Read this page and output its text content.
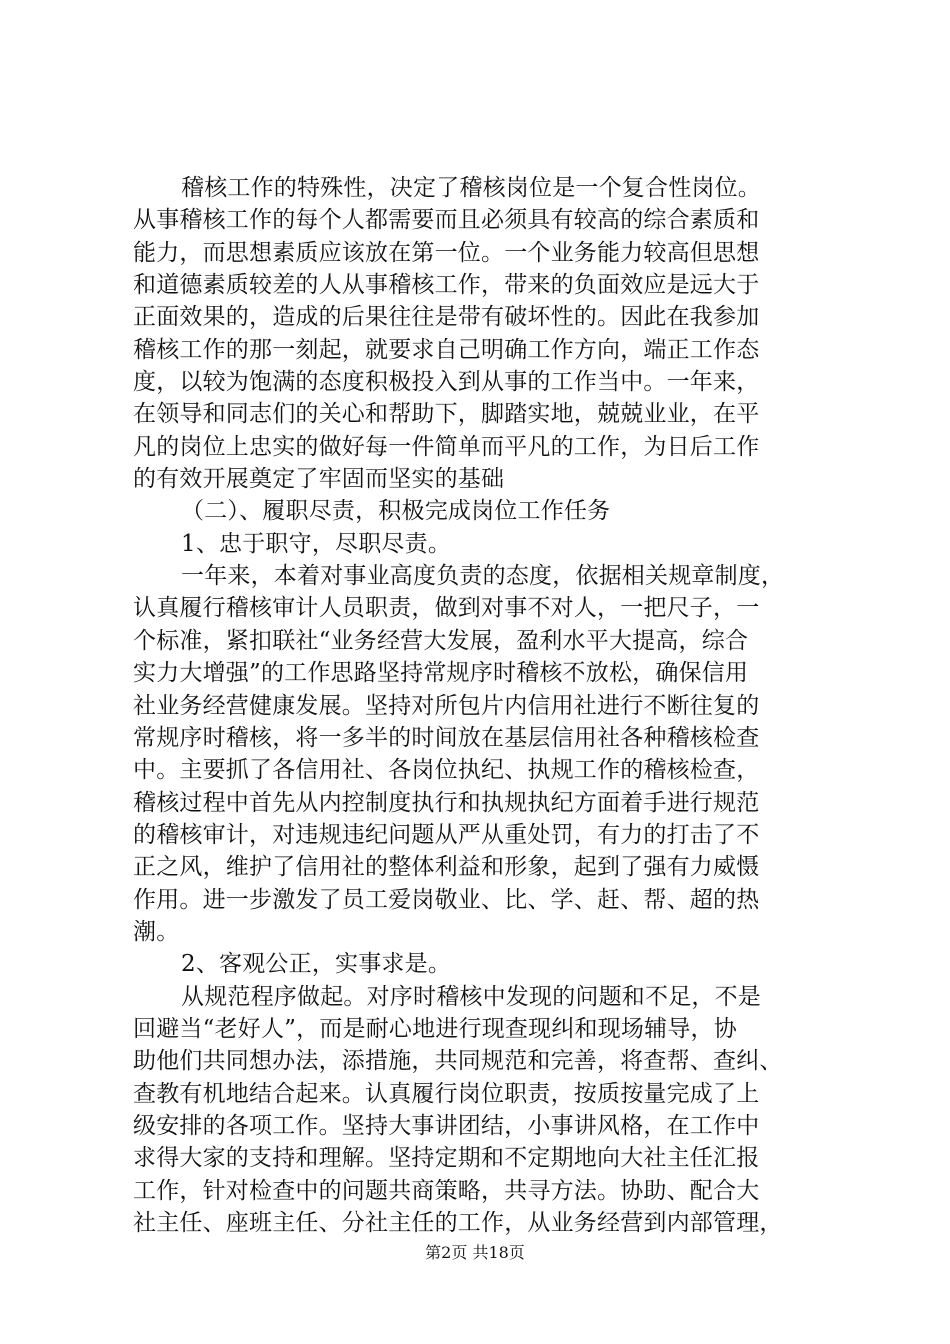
稽核工作的特殊性，决定了稽核岗位是一个复合性岗位。
从事稽核工作的每个人都需要而且必须具有较高的综合素质和
能力，而思想素质应该放在第一位。一个业务能力较高但思想
和道德素质较差的人从事稽核工作，带来的负面效应是远大于
正面效果的，造成的后果往往是带有破坏性的。因此在我参加
稽核工作的那一刻起，就要求自己明确工作方向，端正工作态
度，以较为饱满的态度积极投入到从事的工作当中。一年来，
在领导和同志们的关心和帮助下，脚踏实地，兢兢业业，在平
凡的岗位上忠实的做好每一件简单而平凡的工作，为日后工作
的有效开展奠定了牢固而坚实的基础
（二）、履职尽责，积极完成岗位工作任务
1、忠于职守，尽职尽责。
一年来，本着对事业高度负责的态度，依据相关规章制度，
认真履行稽核审计人员职责，做到对事不对人，一把尺子，一
个标准，紧扣联社“业务经营大发展，盈利水平大提高，综合
实力大增强”的工作思路坚持常规序时稽核不放松，确保信用
社业务经营健康发展。坚持对所包片内信用社进行不断往复的
常规序时稽核，将一多半的时间放在基层信用社各种稽核检查
中。主要抓了各信用社、各岗位执纪、执规工作的稽核检查，
稽核过程中首先从内控制度执行和执规执纪方面着手进行规范
的稽核审计，对违规违纪问题从严从重处罚，有力的打击了不
正之风，维护了信用社的整体利益和形象，起到了强有力威慑
作用。进一步激发了员工爱岗敬业、比、学、赶、帮、超的热
潮。
2、客观公正，实事求是。
从规范程序做起。对序时稽核中发现的问题和不足，不是
回避当“老好人”，而是耐心地进行现查现纠和现场辅导，协
助他们共同想办法，添措施，共同规范和完善，将查帮、查纠、
查教有机地结合起来。认真履行岗位职责，按质按量完成了上
级安排的各项工作。坚持大事讲团结，小事讲风格，在工作中
求得大家的支持和理解。坚持定期和不定期地向大社主任汇报
工作，针对检查中的问题共商策略，共寻方法。协助、配合大
社主任、座班主任、分社主任的工作，从业务经营到内部管理，
第2页 共18页
